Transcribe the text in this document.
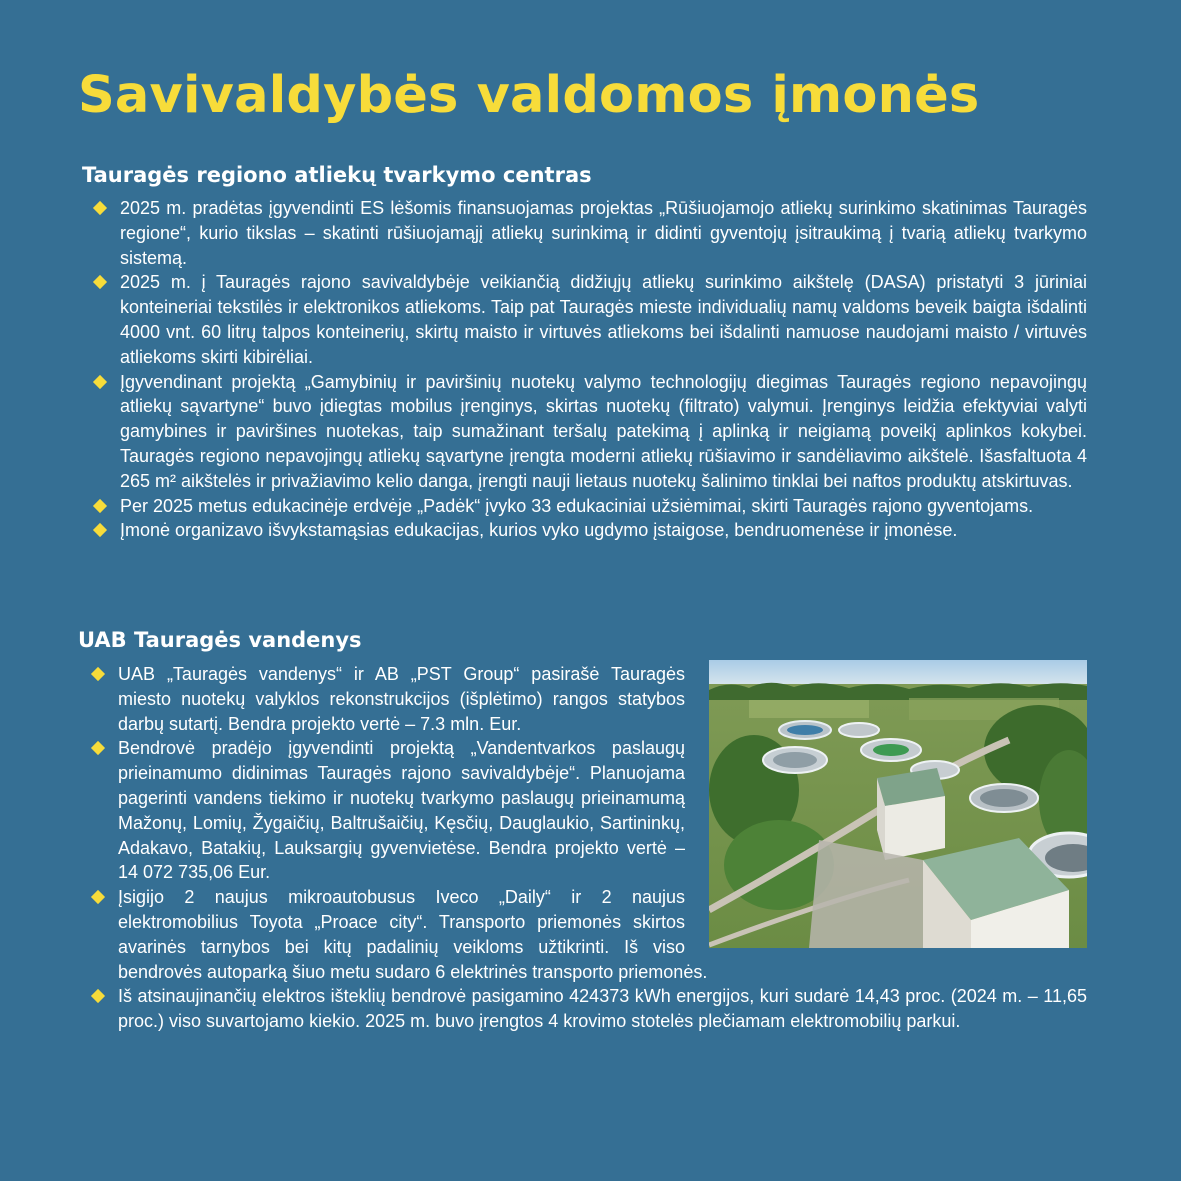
Savivaldybės valdomos įmonės
Tauragės regiono atliekų tvarkymo centras
2025 m. pradėtas įgyvendinti ES lėšomis finansuojamas projektas „Rūšiuojamojo atliekų surinkimo skatinimas Tauragės regione“, kurio tikslas – skatinti rūšiuojamąjį atliekų surinkimą ir didinti gyventojų įsitraukimą į tvarią atliekų tvarkymo sistemą.
2025 m. į Tauragės rajono savivaldybėje veikiančią didžiųjų atliekų surinkimo aikštelę (DASA) pristatyti 3 jūriniai konteineriai tekstilės ir elektronikos atliekoms. Taip pat Tauragės mieste individualių namų valdoms beveik baigta išdalinti 4000 vnt. 60 litrų talpos konteinerių, skirtų maisto ir virtuvės atliekoms bei išdalinti namuose naudojami maisto / virtuvės atliekoms skirti kibirėliai.
Įgyvendinant projektą „Gamybinių ir paviršinių nuotekų valymo technologijų diegimas Tauragės regiono nepavojingų atliekų sąvartyne“ buvo įdiegtas mobilus įrenginys, skirtas nuotekų (filtrato) valymui. Įrenginys leidžia efektyviai valyti gamybines ir paviršines nuotekas, taip sumažinant teršalų patekimą į aplinką ir neigiamą poveikį aplinkos kokybei. Tauragės regiono nepavojingų atliekų sąvartyne įrengta moderni atliekų rūšiavimo ir sandėliavimo aikštelė. Išasfaltuota 4 265 m² aikštelės ir privažiavimo kelio danga, įrengti nauji lietaus nuotekų šalinimo tinklai bei naftos produktų atskirtuvas.
Per 2025 metus edukacinėje erdvėje „Padėk“ įvyko 33 edukaciniai užsiėmimai, skirti Tauragės rajono gyventojams.
Įmonė organizavo išvykstamąsias edukacijas, kurios vyko ugdymo įstaigose, bendruomenėse ir įmonėse.
UAB Tauragės vandenys
UAB „Tauragės vandenys“ ir AB „PST Group“ pasirašė Tauragės miesto nuotekų valyklos rekonstrukcijos (išplėtimo) rangos statybos darbų sutartį. Bendra projekto vertė – 7.3 mln. Eur.
Bendrovė pradėjo įgyvendinti projektą „Vandentvarkos paslaugų prieinamumo didinimas Tauragės rajono savivaldybėje“. Planuojama pagerinti vandens tiekimo ir nuotekų tvarkymo paslaugų prieinamumą Mažonų, Lomių, Žygaičių, Baltrušaičių, Kęsčių, Dauglaukio, Sartininkų, Adakavo, Batakių, Lauksargių gyvenvietėse. Bendra projekto vertė – 14 072 735,06 Eur.
Įsigijo 2 naujus mikroautobusus Iveco „Daily“ ir 2 naujus elektromobilius Toyota „Proace city“. Transporto priemonės skirtos avarinės tarnybos bei kitų padalinių veikloms užtikrinti. Iš viso bendrovės autoparką šiuo metu sudaro 6 elektrinės transporto priemonės.
Iš atsinaujinančių elektros išteklių bendrovė pasigamino 424373 kWh energijos, kuri sudarė 14,43 proc. (2024 m. – 11,65 proc.) viso suvartojamo kiekio. 2025 m. buvo įrengtos 4 krovimo stotelės plečiamam elektromobilių parkui.
